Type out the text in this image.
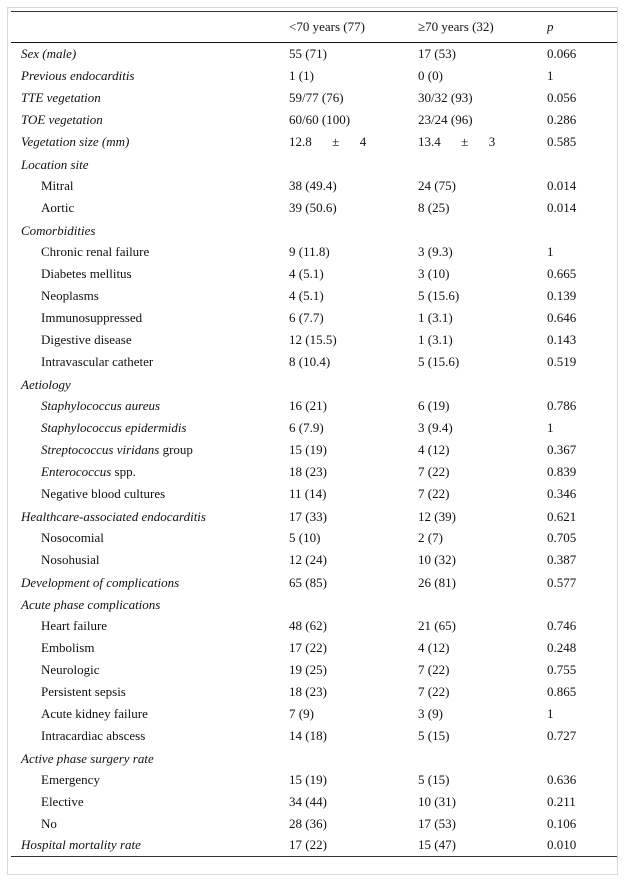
	<70 years (77)	≥70 years (32)	p
Sex (male)	55 (71)	17 (53)	0.066
Previous endocarditis	1 (1)	0 (0)	1
TTE vegetation	59/77 (76)	30/32 (93)	0.056
TOE vegetation	60/60 (100)	23/24 (96)	0.286
Vegetation size (mm)	12.8 ± 4	13.4 ± 3	0.585
Location site			
Mitral	38 (49.4)	24 (75)	0.014
Aortic	39 (50.6)	8 (25)	0.014
Comorbidities			
Chronic renal failure	9 (11.8)	3 (9.3)	1
Diabetes mellitus	4 (5.1)	3 (10)	0.665
Neoplasms	4 (5.1)	5 (15.6)	0.139
Immunosuppressed	6 (7.7)	1 (3.1)	0.646
Digestive disease	12 (15.5)	1 (3.1)	0.143
Intravascular catheter	8 (10.4)	5 (15.6)	0.519
Aetiology			
Staphylococcus aureus	16 (21)	6 (19)	0.786
Staphylococcus epidermidis	6 (7.9)	3 (9.4)	1
Streptococcus viridans group	15 (19)	4 (12)	0.367
Enterococcus spp.	18 (23)	7 (22)	0.839
Negative blood cultures	11 (14)	7 (22)	0.346
Healthcare-associated endocarditis	17 (33)	12 (39)	0.621
Nosocomial	5 (10)	2 (7)	0.705
Nosohusial	12 (24)	10 (32)	0.387
Development of complications	65 (85)	26 (81)	0.577
Acute phase complications			
Heart failure	48 (62)	21 (65)	0.746
Embolism	17 (22)	4 (12)	0.248
Neurologic	19 (25)	7 (22)	0.755
Persistent sepsis	18 (23)	7 (22)	0.865
Acute kidney failure	7 (9)	3 (9)	1
Intracardiac abscess	14 (18)	5 (15)	0.727
Active phase surgery rate			
Emergency	15 (19)	5 (15)	0.636
Elective	34 (44)	10 (31)	0.211
No	28 (36)	17 (53)	0.106
Hospital mortality rate	17 (22)	15 (47)	0.010
